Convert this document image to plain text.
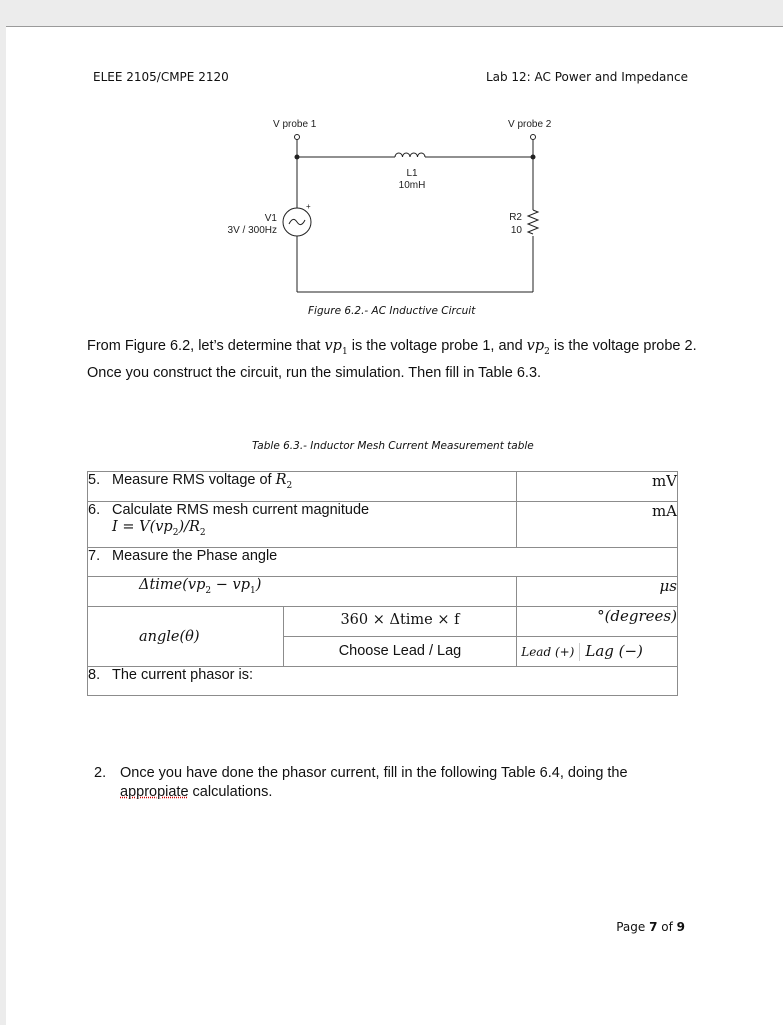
ELEE 2105/CMPE 2120	Lab 12: AC Power and Impedance
V probe 1	V probe 2
L1
10mH
V1
3V / 300Hz
+
R2
10
Figure 6.2.- AC Inductive Circuit
From Figure 6.2, let’s determine that $vp_1$ is the voltage probe 1, and $vp_2$ is the voltage probe 2. Once you construct the circuit, run the simulation. Then fill in Table 6.3.
Table 6.3.- Inductor Mesh Current Measurement table
5. Measure RMS voltage of $R_2$		mV
6. Calculate RMS mesh current magnitude
$I = V(vp_2)/R_2$		mA
7. Measure the Phase angle		
$\Delta time(vp_2 - vp_1)$		μs
angle(θ)	360 × Δtime × f	°(degrees)
	Choose Lead / Lag	Lead (+) Lag (−)
8. The current phasor is:		
2. Once you have done the phasor current, fill in the following Table 6.4, doing the
appropiate calculations.
Page 7 of 9
